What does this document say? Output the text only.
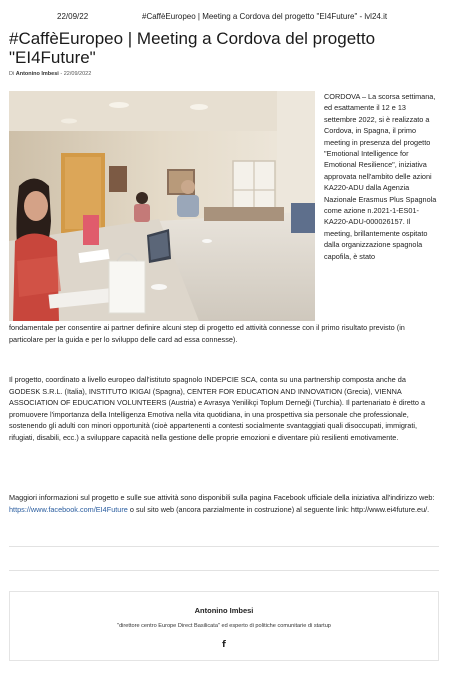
22/09/22	#CaffèEuropeo | Meeting a Cordova del progetto "EI4Future" - lvl24.it
#CaffèEuropeo | Meeting a Cordova del progetto "EI4Future"
Di Antonino Imbesi - 22/09/2022

CORDOVA – La scorsa settimana, ed esattamente il 12 e 13 settembre 2022, si è realizzato a Cordova, in Spagna, il primo meeting in presenza del progetto "Emotional Intelligence for Emotional Resilience", iniziativa approvata nell'ambito delle azioni KA220-ADU dalla Agenzia Nazionale Erasmus Plus Spagnola come azione n.2021-1-ES01-KA220-ADU-000026157. Il meeting, brillantemente ospitato dalla organizzazione spagnola capofila, è stato

fondamentale per consentire ai partner definire alcuni step di progetto ed attività connesse con il primo risultato previsto (in particolare per la guida e per lo sviluppo delle card ad essa connesse).

Il progetto, coordinato a livello europeo dall'istituto spagnolo INDEPCIE SCA, conta su una partnership composta anche da GODESK S.R.L. (Italia), INSTITUTO IKIGAI (Spagna), CENTER FOR EDUCATION AND INNOVATION (Grecia), VIENNA ASSOCIATION OF EDUCATION VOLUNTEERS (Austria) e Avrasya Yenilikçi Toplum Derneği (Turchia). Il partenariato è diretto a promuovere l'importanza della Intelligenza Emotiva nella vita quotidiana, in una prospettiva sia personale che professionale, sostenendo gli adulti con minori opportunità (cioè appartenenti a contesti socialmente svantaggiati quali disoccupati, immigrati, rifugiati, disabili, ecc.) a sviluppare capacità nella gestione delle proprie emozioni e diventare più resilienti emotivamente.

Maggiori informazioni sul progetto e sulle sue attività sono disponibili sulla pagina Facebook ufficiale della iniziativa all'indirizzo web: https://www.facebook.com/EI4Future o sul sito web (ancora parzialmente in costruzione) al seguente link: http://www.ei4future.eu/.

Antonino Imbesi
"direttore centro Europe Direct Basilicata" ed esperto di politiche comunitarie di startup
f
